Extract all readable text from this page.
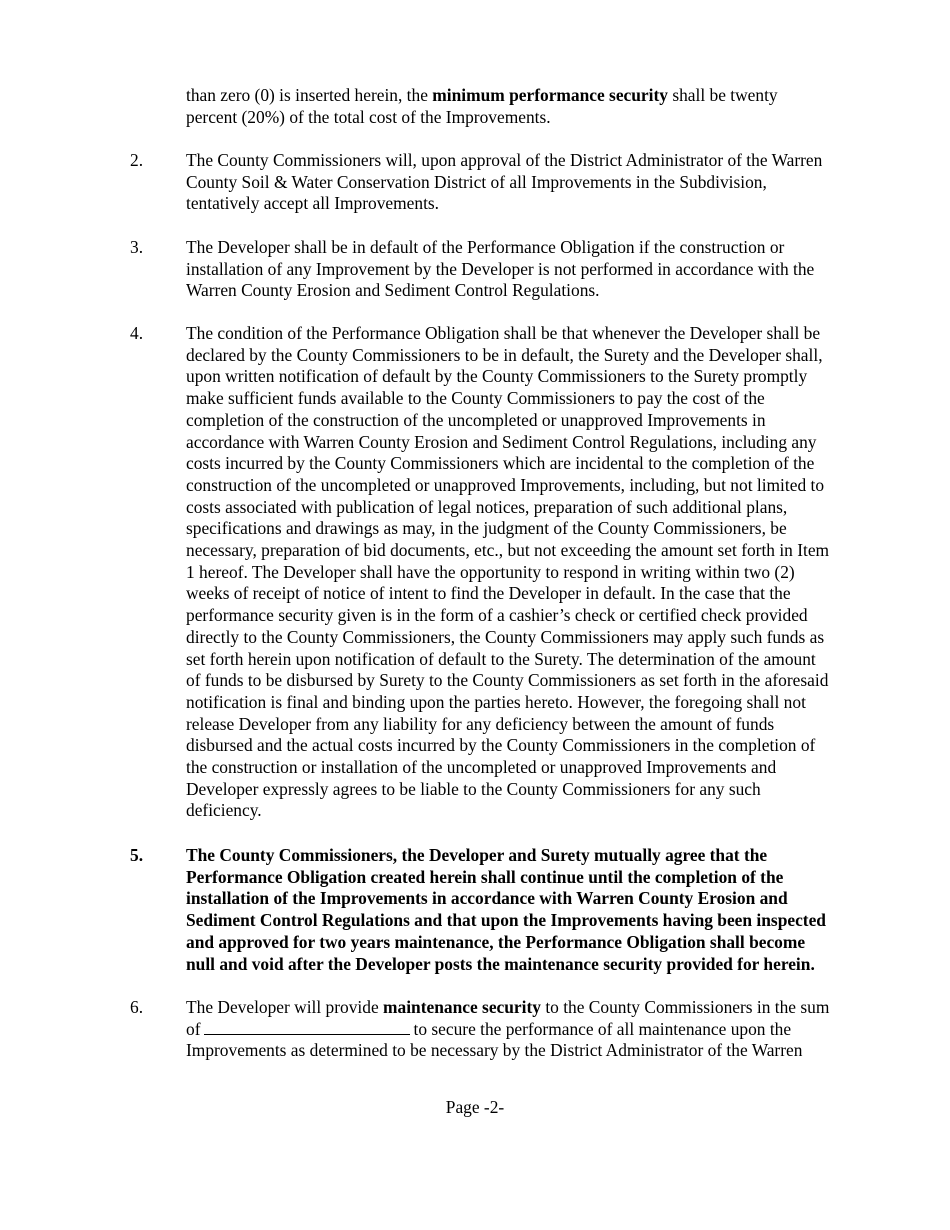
than zero (0) is inserted herein, the minimum performance security shall be twenty
percent (20%) of the total cost of the Improvements.
2. The County Commissioners will, upon approval of the District Administrator of the Warren
County Soil & Water Conservation District of all Improvements in the Subdivision,
tentatively accept all Improvements.
3. The Developer shall be in default of the Performance Obligation if the construction or
installation of any Improvement by the Developer is not performed in accordance with the
Warren County Erosion and Sediment Control Regulations.
4. The condition of the Performance Obligation shall be that whenever the Developer shall be
declared by the County Commissioners to be in default, the Surety and the Developer shall,
upon written notification of default by the County Commissioners to the Surety promptly
make sufficient funds available to the County Commissioners to pay the cost of the
completion of the construction of the uncompleted or unapproved Improvements in
accordance with Warren County Erosion and Sediment Control Regulations, including any
costs incurred by the County Commissioners which are incidental to the completion of the
construction of the uncompleted or unapproved Improvements, including, but not limited to
costs associated with publication of legal notices, preparation of such additional plans,
specifications and drawings as may, in the judgment of the County Commissioners, be
necessary, preparation of bid documents, etc., but not exceeding the amount set forth in Item
1 hereof. The Developer shall have the opportunity to respond in writing within two (2)
weeks of receipt of notice of intent to find the Developer in default. In the case that the
performance security given is in the form of a cashier’s check or certified check provided
directly to the County Commissioners, the County Commissioners may apply such funds as
set forth herein upon notification of default to the Surety. The determination of the amount
of funds to be disbursed by Surety to the County Commissioners as set forth in the aforesaid
notification is final and binding upon the parties hereto. However, the foregoing shall not
release Developer from any liability for any deficiency between the amount of funds
disbursed and the actual costs incurred by the County Commissioners in the completion of
the construction or installation of the uncompleted or unapproved Improvements and
Developer expressly agrees to be liable to the County Commissioners for any such
deficiency.
5. The County Commissioners, the Developer and Surety mutually agree that the
Performance Obligation created herein shall continue until the completion of the
installation of the Improvements in accordance with Warren County Erosion and
Sediment Control Regulations and that upon the Improvements having been inspected
and approved for two years maintenance, the Performance Obligation shall become
null and void after the Developer posts the maintenance security provided for herein.
6. The Developer will provide maintenance security to the County Commissioners in the sum
of	to secure the performance of all maintenance upon the
Improvements as determined to be necessary by the District Administrator of the Warren
Page -2-
